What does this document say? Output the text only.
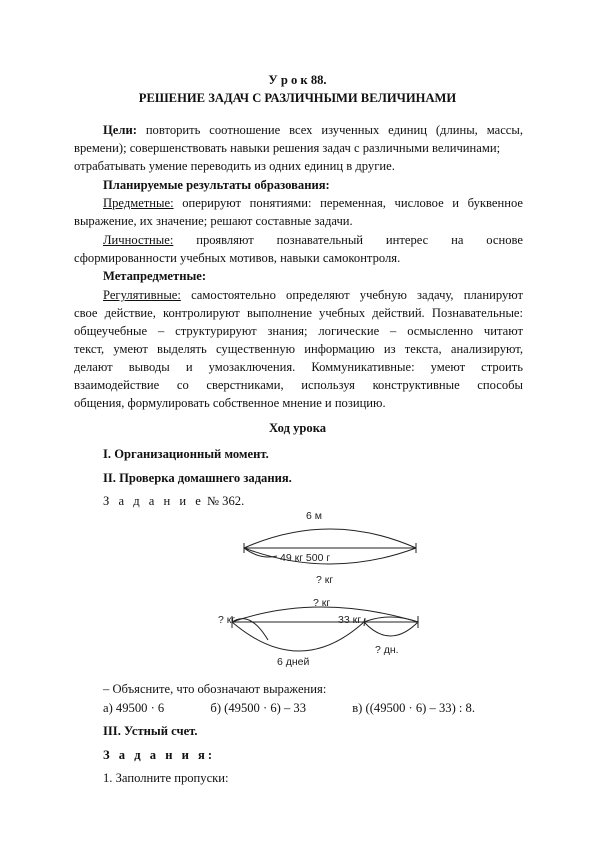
У р о к 88.
РЕШЕНИЕ ЗАДАЧ С РАЗЛИЧНЫМИ ВЕЛИЧИНАМИ
Цели: повторить соотношение всех изученных единиц (длины, массы,
времени); совершенствовать навыки решения задач с различными величинами;
отрабатывать умение переводить из одних единиц в другие.
Планируемые результаты образования:
Предметные: оперируют понятиями: переменная, числовое и буквенное
выражение, их значение; решают составные задачи.
Личностные: проявляют познавательный интерес на основе
сформированности учебных мотивов, навыки самоконтроля.
Метапредметные:
Регулятивные: самостоятельно определяют учебную задачу, планируют
свое действие, контролируют выполнение учебных действий. Познавательные:
общеучебные – структурируют знания; логические – осмысленно читают
текст, умеют выделять существенную информацию из текста, анализируют,
делают выводы и умозаключения. Коммуникативные: умеют строить
взаимодействие со сверстниками, используя конструктивные способы
общения, формулировать собственное мнение и позицию.
Ход урока
I. Организационный момент.
II. Проверка домашнего задания.
З а д а н и е № 362.
6 м
49 кг 500 г
? кг
? кг
? кг	33 кг
6 дней
? дн.
– Объясните, что обозначают выражения:
а) 49500 · 6	б) (49500 · 6) – 33	в) ((49500 · 6) – 33) : 8.
III. Устный счет.
З а д а н и я:
1. Заполните пропуски:
